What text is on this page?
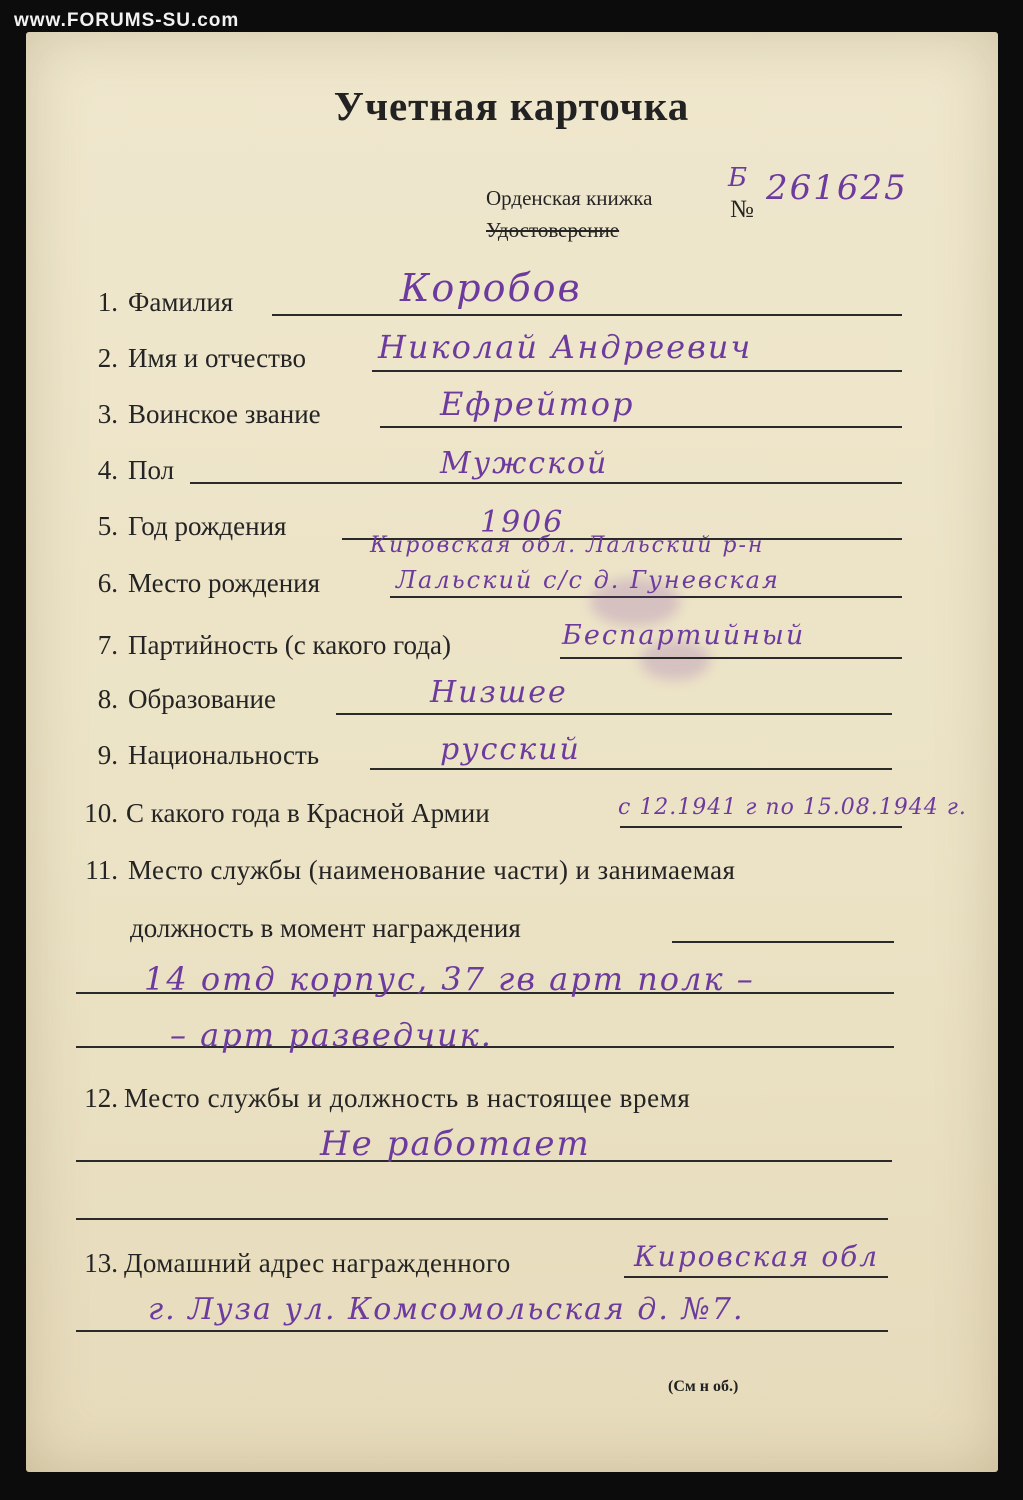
www.FORUMS-SU.com
Учетная карточка
Орденская книжка
Удостоверение
№
Б 261625
1. Фамилия	Коробов
2. Имя и отчество Николай Андреевич
3. Воинское звание	Ефрейтор
4. Пол	Мужской
5. Год рождения	1906
6. Место рождения
Кировская обл. Лальский р-н
Лальский с/с д. Гуневская
7. Партийность (с какого года)	Беспартийный
8. Образование	Низшее
9. Национальность	русский
10. С какого года в Красной Армии	с 12.1941 г по 15.08.1944 г.
11. Место службы (наименование части) и занимаемая
должность в момент награждения
14 отд корпус, 37 гв арт полк –
– арт разведчик.
12. Место службы и должность в настоящее время
Не работает
13. Домашний адрес награжденного	Кировская обл
г. Луза ул. Комсомольская д. №7.
(См н об.)
